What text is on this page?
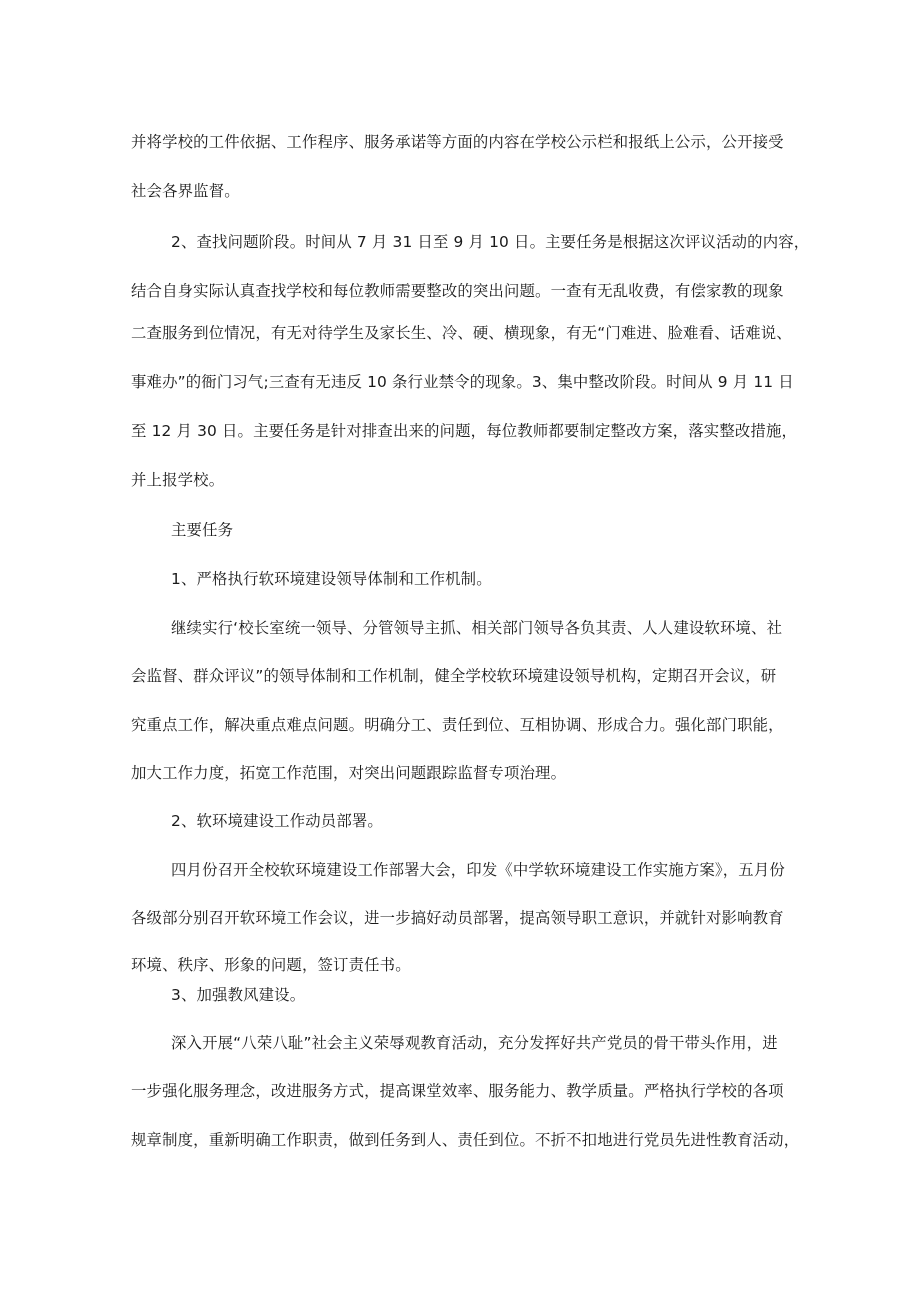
并将学校的工件依据、工作程序、服务承诺等方面的内容在学校公示栏和报纸上公示，公开接受
社会各界监督。
2、查找问题阶段。时间从 7 月 31 日至 9 月 10 日。主要任务是根据这次评议活动的内容，
结合自身实际认真查找学校和每位教师需要整改的突出问题。一查有无乱收费，有偿家教的现象
二查服务到位情况，有无对待学生及家长生、冷、硬、横现象，有无“门难进、脸难看、话难说、
事难办”的衙门习气;三查有无违反 10 条行业禁令的现象。3、集中整改阶段。时间从 9 月 11 日
至 12 月 30 日。主要任务是针对排查出来的问题，每位教师都要制定整改方案，落实整改措施，
并上报学校。
主要任务
1、严格执行软环境建设领导体制和工作机制。
继续实行‘校长室统一领导、分管领导主抓、相关部门领导各负其责、人人建设软环境、社
会监督、群众评议”的领导体制和工作机制，健全学校软环境建设领导机构，定期召开会议，研
究重点工作，解决重点难点问题。明确分工、责任到位、互相协调、形成合力。强化部门职能，
加大工作力度，拓宽工作范围，对突出问题跟踪监督专项治理。
2、软环境建设工作动员部署。
四月份召开全校软环境建设工作部署大会，印发《中学软环境建设工作实施方案》，五月份
各级部分别召开软环境工作会议，进一步搞好动员部署，提高领导职工意识，并就针对影响教育
环境、秩序、形象的问题，签订责任书。
3、加强教风建设。
深入开展“八荣八耻”社会主义荣辱观教育活动，充分发挥好共产党员的骨干带头作用，进
一步强化服务理念，改进服务方式，提高课堂效率、服务能力、教学质量。严格执行学校的各项
规章制度，重新明确工作职责，做到任务到人、责任到位。不折不扣地进行党员先进性教育活动，
